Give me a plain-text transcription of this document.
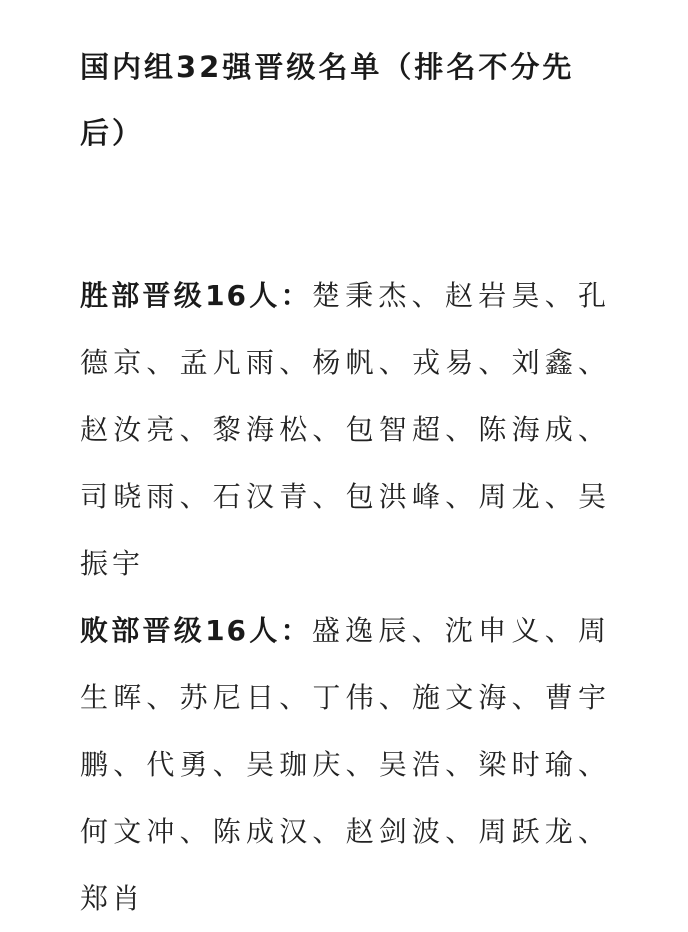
国内组32强晋级名单（排名不分先后）

胜部晋级16人：楚秉杰、赵岩昊、孔德京、孟凡雨、杨帆、戎易、刘鑫、赵汝亮、黎海松、包智超、陈海成、司晓雨、石汉青、包洪峰、周龙、吴振宇

败部晋级16人：盛逸辰、沈申义、周生晖、苏尼日、丁伟、施文海、曹宇鹏、代勇、吴珈庆、吴浩、梁时瑜、何文冲、陈成汉、赵剑波、周跃龙、郑肖
